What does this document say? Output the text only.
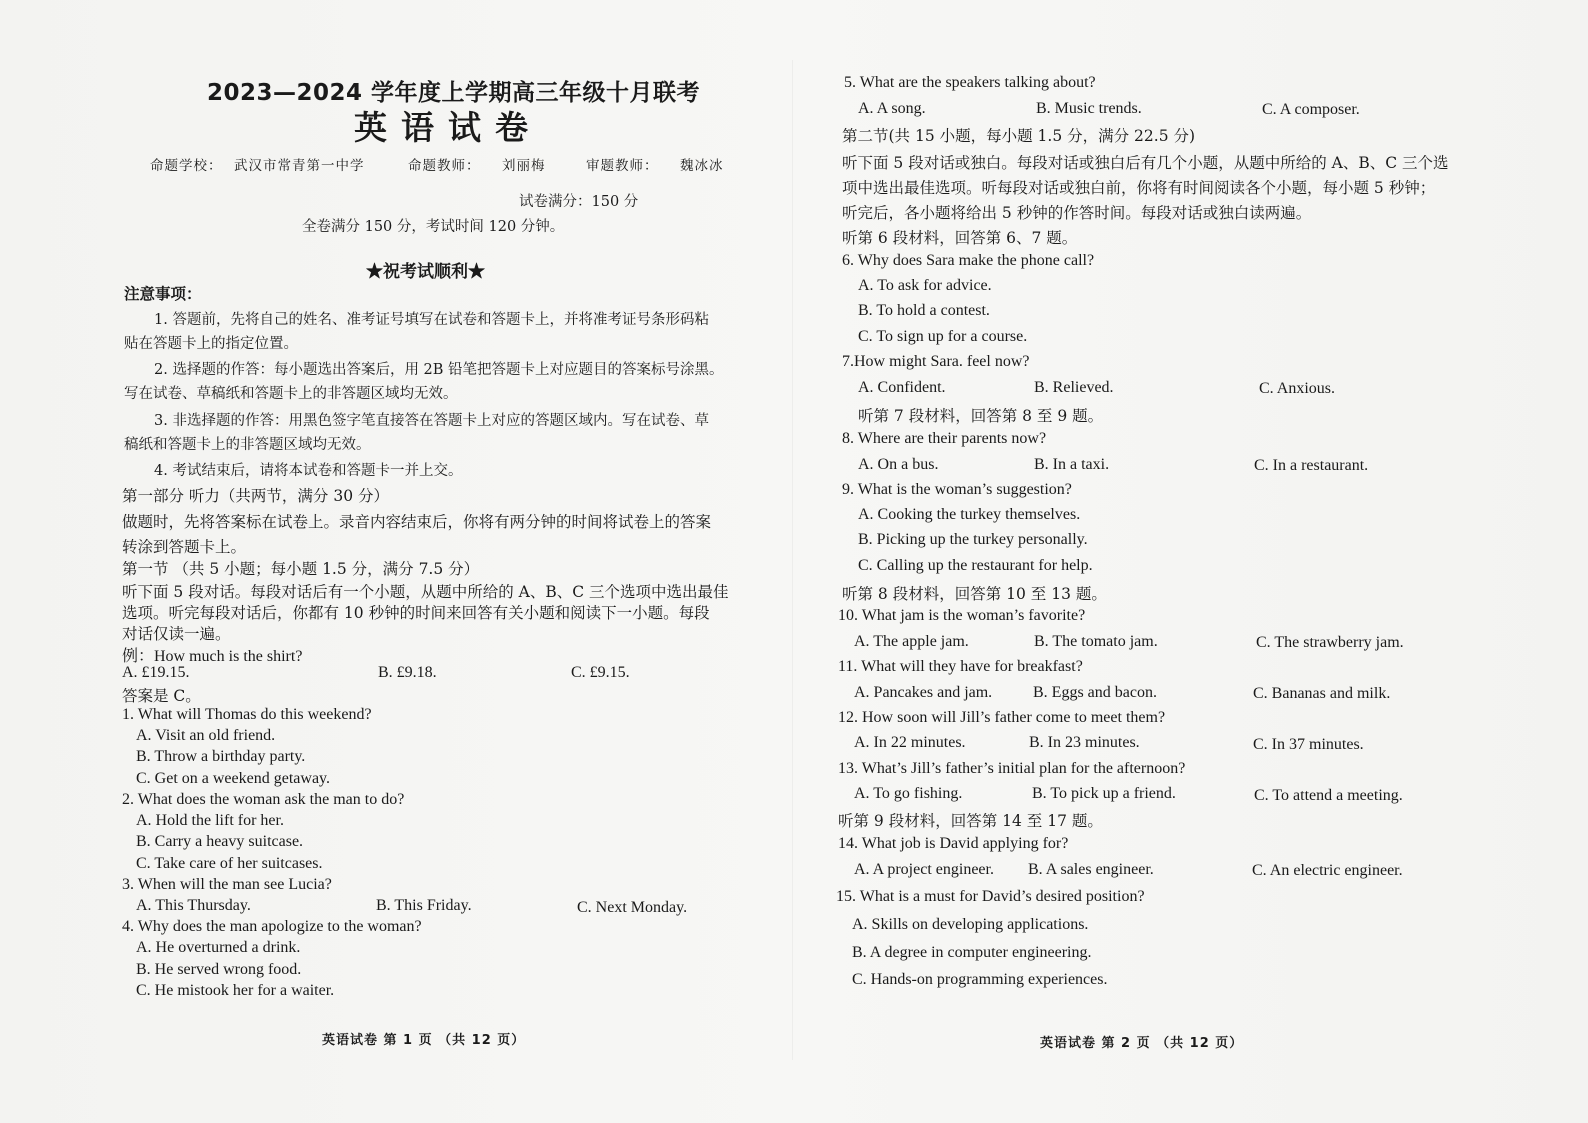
2023—2024 学年度上学期高三年级十月联考
英语试卷
命题学校： 武汉市常青第一中学	命题教师： 刘丽梅	审题教师： 魏冰冰
试卷满分：150 分
全卷满分 150 分，考试时间 120 分钟。
★祝考试顺利★
注意事项：
1. 答题前，先将自己的姓名、准考证号填写在试卷和答题卡上，并将准考证号条形码粘
贴在答题卡上的指定位置。
2. 选择题的作答：每小题选出答案后，用 2B 铅笔把答题卡上对应题目的答案标号涂黑。
写在试卷、草稿纸和答题卡上的非答题区域均无效。
3. 非选择题的作答：用黑色签字笔直接答在答题卡上对应的答题区域内。写在试卷、草
稿纸和答题卡上的非答题区域均无效。
4. 考试结束后，请将本试卷和答题卡一并上交。
第一部分 听力（共两节，满分 30 分）
做题时，先将答案标在试卷上。录音内容结束后，你将有两分钟的时间将试卷上的答案
转涂到答题卡上。
第一节 （共 5 小题；每小题 1.5 分，满分 7.5 分）
听下面 5 段对话。每段对话后有一个小题，从题中所给的 A、B、C 三个选项中选出最佳
选项。听完每段对话后，你都有 10 秒钟的时间来回答有关小题和阅读下一小题。每段
对话仅读一遍。
例：How much is the shirt?
A. £19.15.	B. £9.18.	C. £9.15.
答案是 C。
1. What will Thomas do this weekend?
A. Visit an old friend.
B. Throw a birthday party.
C. Get on a weekend getaway.
2. What does the woman ask the man to do?
A. Hold the lift for her.
B. Carry a heavy suitcase.
C. Take care of her suitcases.
3. When will the man see Lucia?
A. This Thursday.	B. This Friday.	C. Next Monday.
4. Why does the man apologize to the woman?
A. He overturned a drink.
B. He served wrong food.
C. He mistook her for a waiter.
英语试卷 第 1 页 （共 12 页）
5. What are the speakers talking about?
A. A song.	B. Music trends.	C. A composer.
第二节(共 15 小题，每小题 1.5 分，满分 22.5 分)
听下面 5 段对话或独白。每段对话或独白后有几个小题，从题中所给的 A、B、C 三个选
项中选出最佳选项。听每段对话或独白前，你将有时间阅读各个小题，每小题 5 秒钟；
听完后，各小题将给出 5 秒钟的作答时间。每段对话或独白读两遍。
听第 6 段材料，回答第 6、7 题。
6. Why does Sara make the phone call?
A. To ask for advice.
B. To hold a contest.
C. To sign up for a course.
7.How might Sara. feel now?
A. Confident.	B. Relieved.	C. Anxious.
听第 7 段材料，回答第 8 至 9 题。
8. Where are their parents now?
A. On a bus.	B. In a taxi.	C. In a restaurant.
9. What is the woman’s suggestion?
A. Cooking the turkey themselves.
B. Picking up the turkey personally.
C. Calling up the restaurant for help.
听第 8 段材料，回答第 10 至 13 题。
10. What jam is the woman’s favorite?
A. The apple jam.	B. The tomato jam.	C. The strawberry jam.
11. What will they have for breakfast?
A. Pancakes and jam.	B. Eggs and bacon.	C. Bananas and milk.
12. How soon will Jill’s father come to meet them?
A. In 22 minutes.	B. In 23 minutes.	C. In 37 minutes.
13. What’s Jill’s father’s initial plan for the afternoon?
A. To go fishing.	B. To pick up a friend.	C. To attend a meeting.
听第 9 段材料，回答第 14 至 17 题。
14. What job is David applying for?
A. A project engineer. B. A sales engineer.	C. An electric engineer.
15. What is a must for David’s desired position?
A. Skills on developing applications.
B. A degree in computer engineering.
C. Hands-on programming experiences.
英语试卷 第 2 页 （共 12 页）
